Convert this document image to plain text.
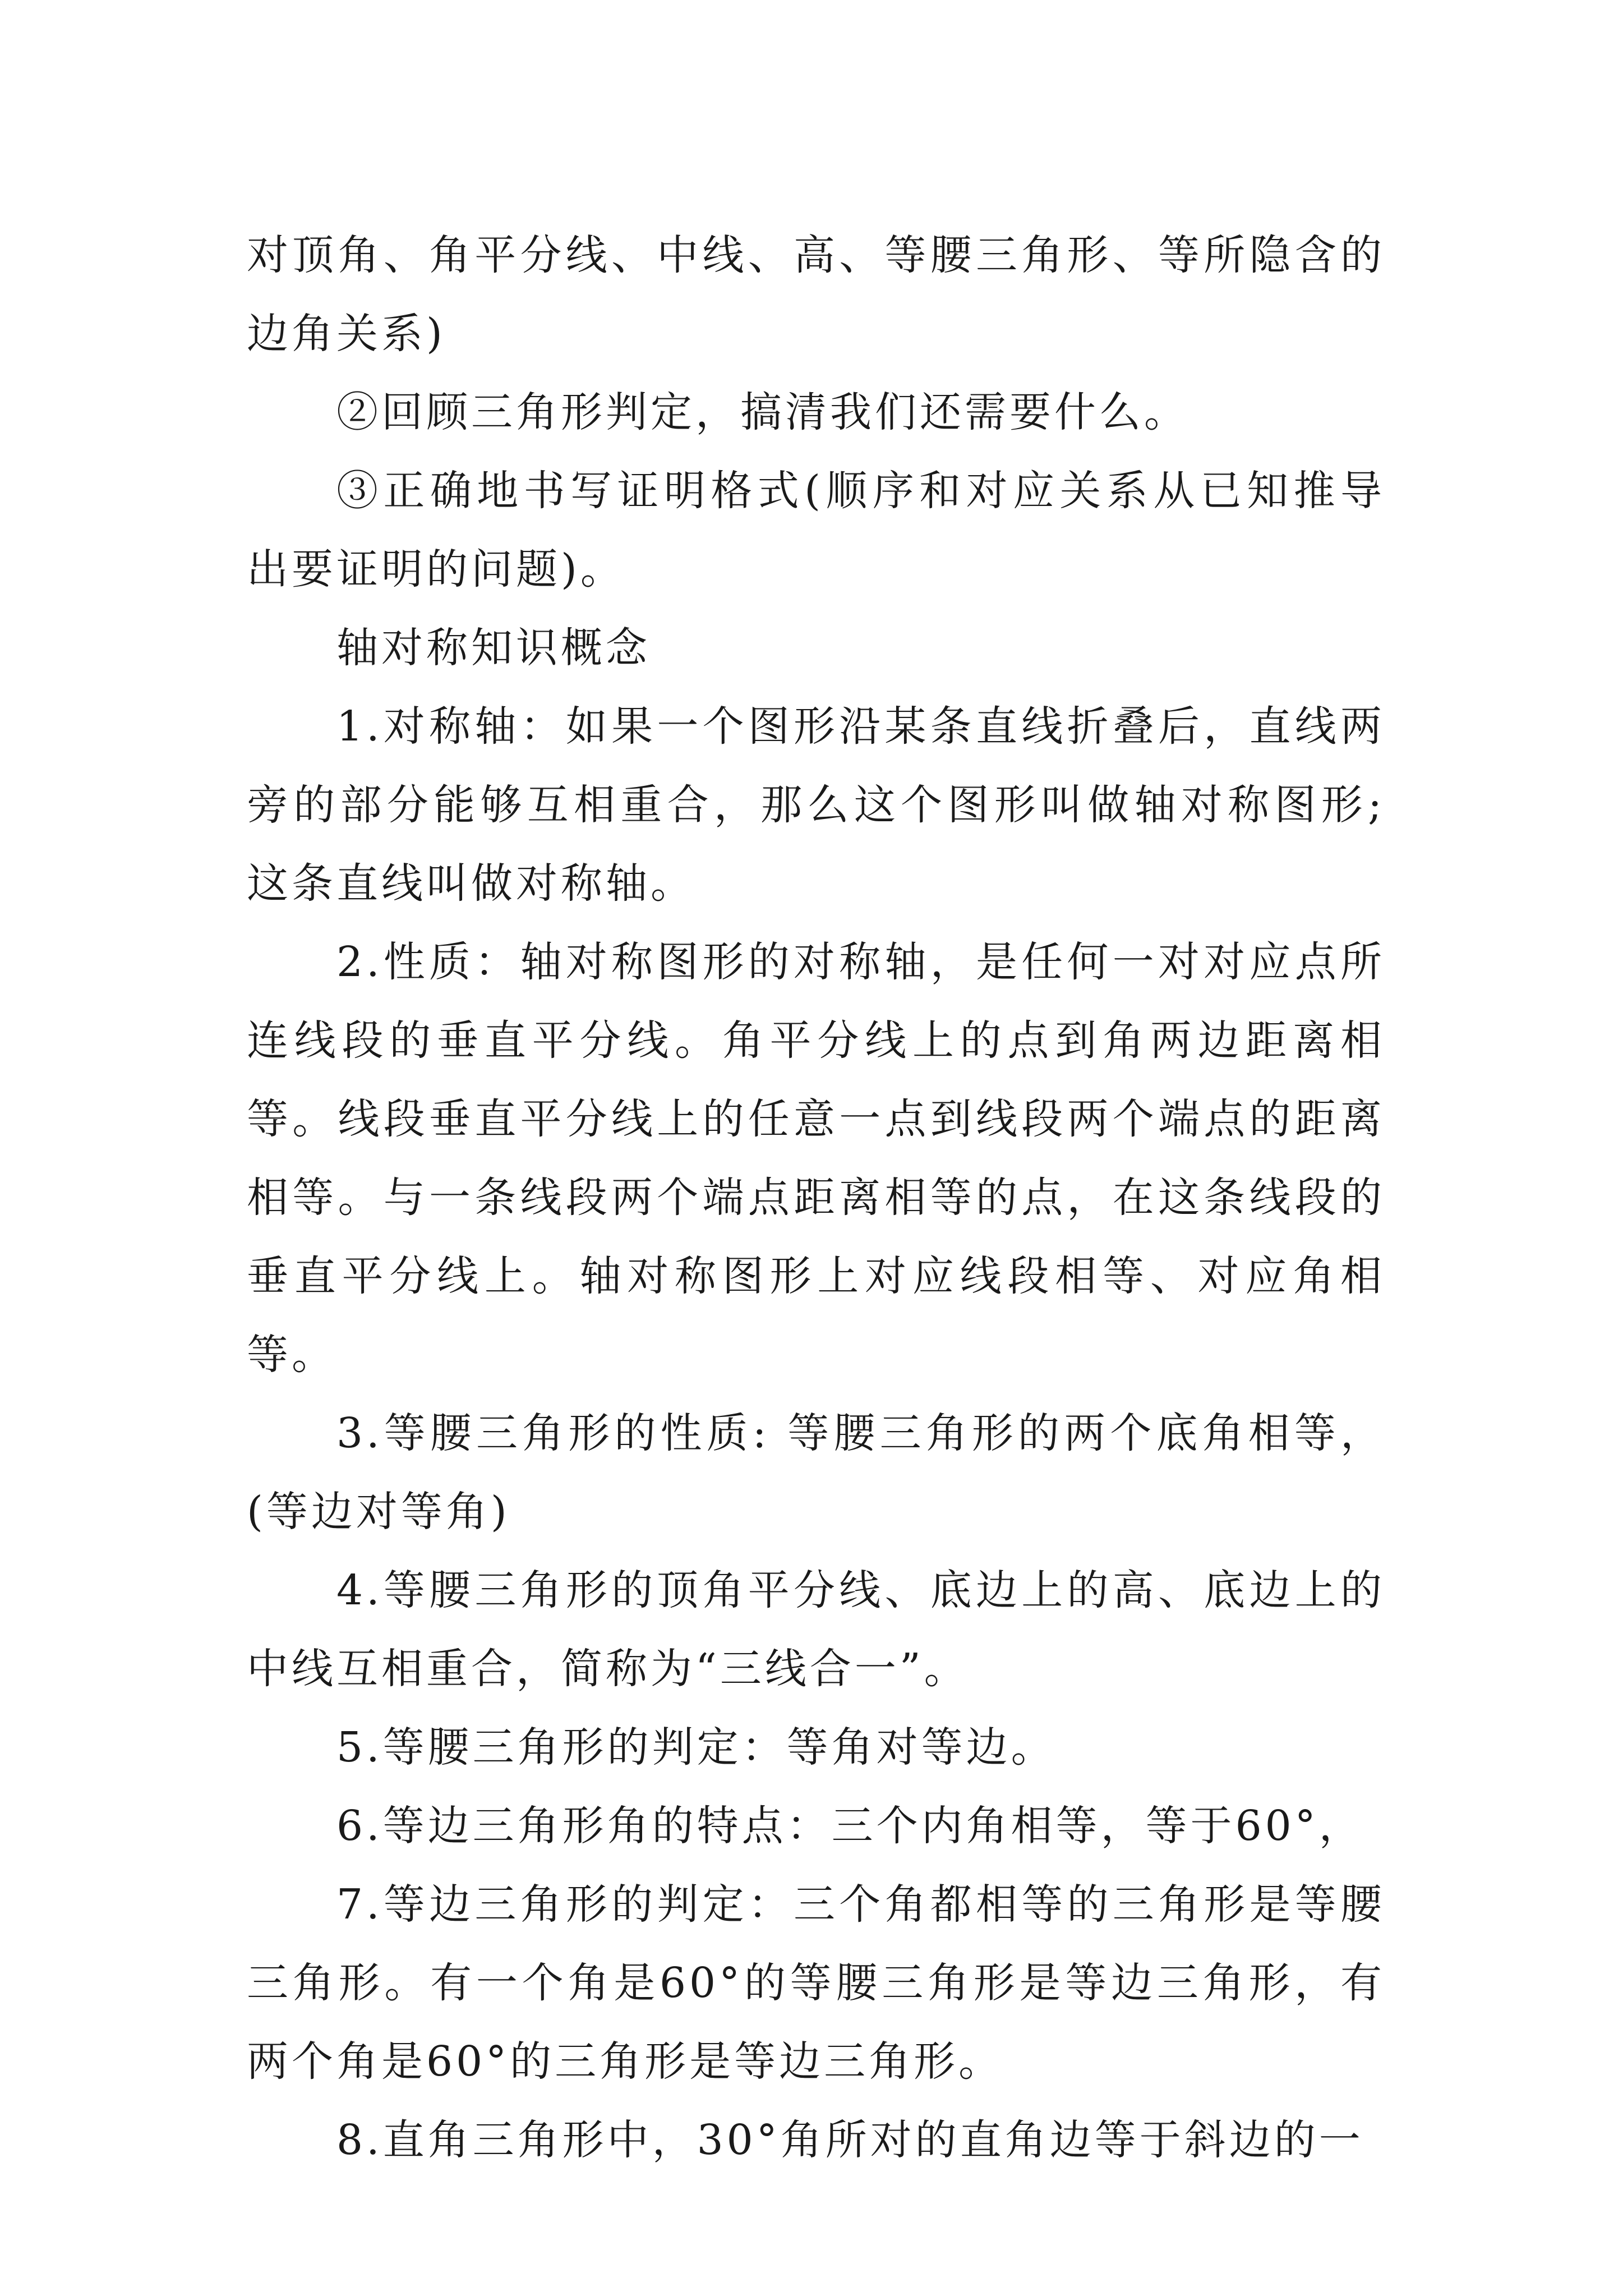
对顶角、角平分线、中线、高、等腰三角形、等所隐含的边角关系)

②回顾三角形判定，搞清我们还需要什么。

③正确地书写证明格式(顺序和对应关系从已知推导出要证明的问题)。

轴对称知识概念

1.对称轴：如果一个图形沿某条直线折叠后，直线两旁的部分能够互相重合，那么这个图形叫做轴对称图形;这条直线叫做对称轴。

2.性质：轴对称图形的对称轴，是任何一对对应点所连线段的垂直平分线。角平分线上的点到角两边距离相等。线段垂直平分线上的任意一点到线段两个端点的距离相等。与一条线段两个端点距离相等的点，在这条线段的垂直平分线上。轴对称图形上对应线段相等、对应角相等。

3.等腰三角形的性质: 等腰三角形的两个底角相等，(等边对等角)

4.等腰三角形的顶角平分线、底边上的高、底边上的中线互相重合，简称为“三线合一”。

5.等腰三角形的判定：等角对等边。

6.等边三角形角的特点：三个内角相等，等于60°，

7.等边三角形的判定：三个角都相等的三角形是等腰三角形。有一个角是60°的等腰三角形是等边三角形，有两个角是60°的三角形是等边三角形。

8.直角三角形中，30°角所对的直角边等于斜边的一
